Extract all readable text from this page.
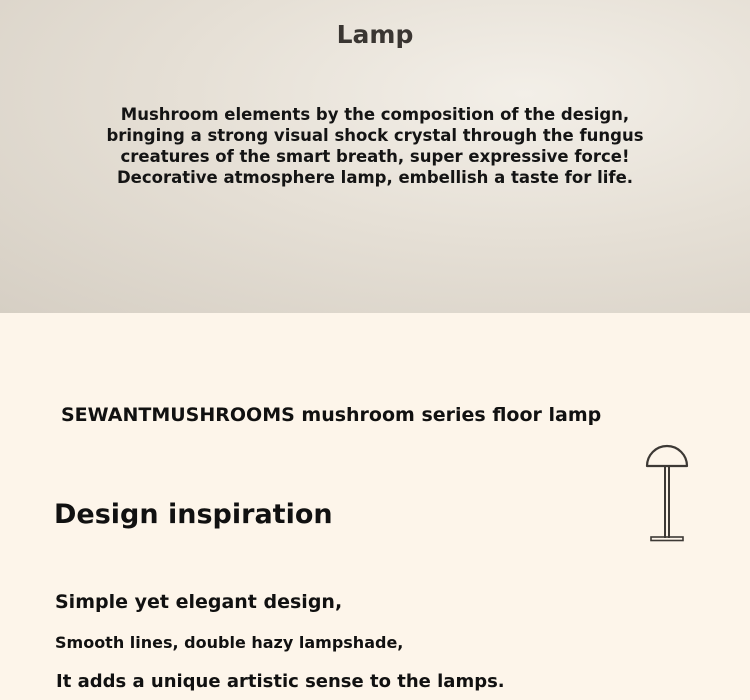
Lamp
Mushroom elements by the composition of the design,
bringing a strong visual shock crystal through the fungus
creatures of the smart breath, super expressive force!
Decorative atmosphere lamp, embellish a taste for life.
SEWANTMUSHROOMS mushroom series floor lamp
Design inspiration
Simple yet elegant design,
Smooth lines, double hazy lampshade,
It adds a unique artistic sense to the lamps.
